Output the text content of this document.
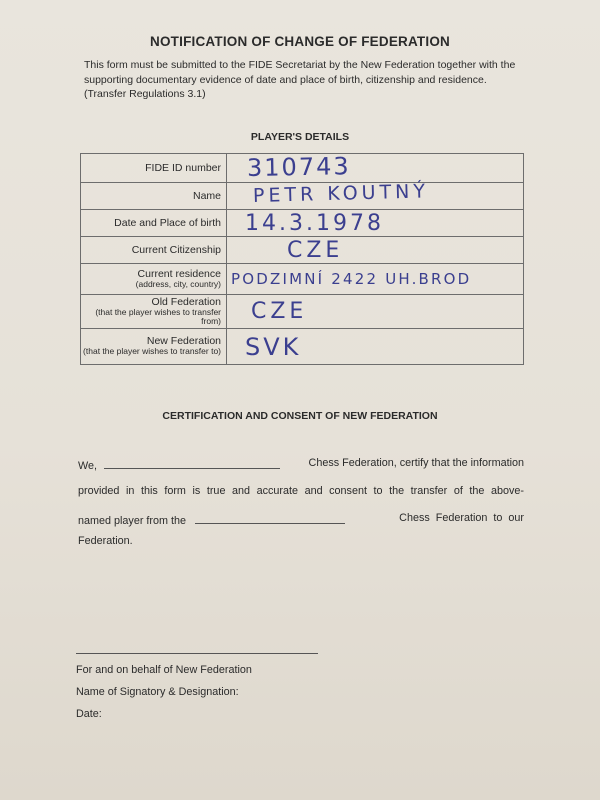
NOTIFICATION OF CHANGE OF FEDERATION
This form must be submitted to the FIDE Secretariat by the New Federation together with the supporting documentary evidence of date and place of birth, citizenship and residence. (Transfer Regulations 3.1)
PLAYER'S DETAILS
FIDE ID number	310743
Name	PETR KOUTNÝ
Date and Place of birth	14.3.1978
Current Citizenship	CZE
Current residence
(address, city, country)	PODZIMNÍ 2422 UH.BROD
Old Federation
(that the player wishes to transfer from)	CZE
New Federation
(that the player wishes to transfer to)	SVK
CERTIFICATION AND CONSENT OF NEW FEDERATION
We,	Chess Federation, certify that the information
provided in this form is true and accurate and consent to the transfer of the above-
named player from the	Chess Federation to our
Federation.
For and on behalf of New Federation
Name of Signatory & Designation:
Date:
